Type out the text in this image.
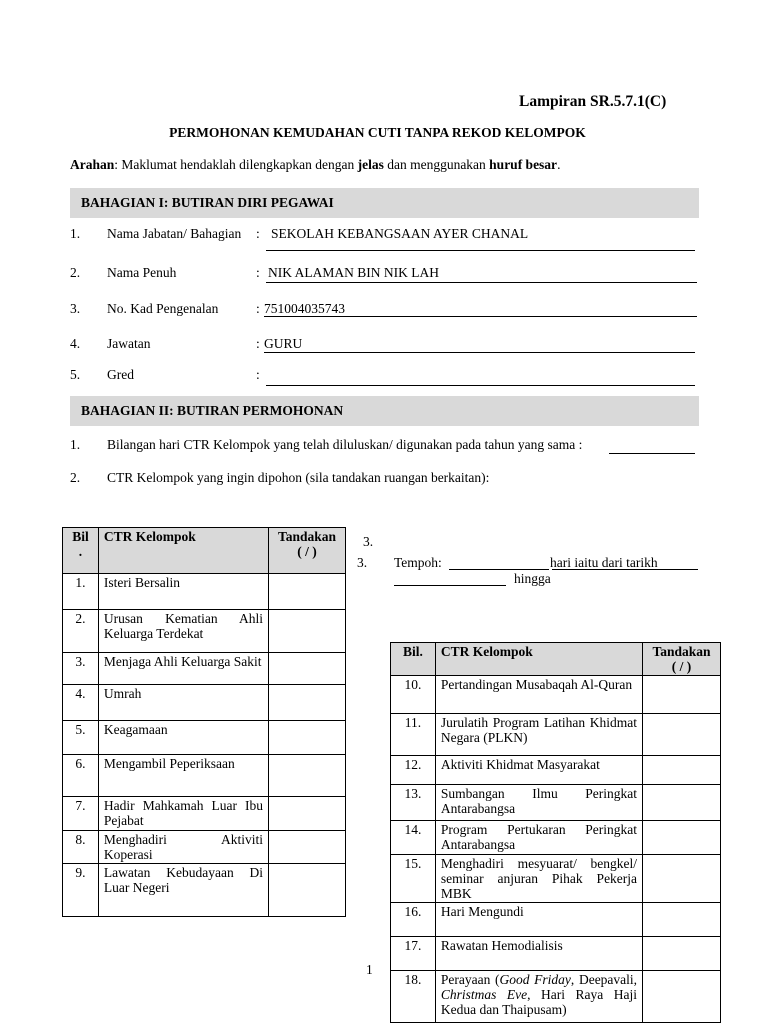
Lampiran SR.5.7.1(C)
PERMOHONAN KEMUDAHAN CUTI TANPA REKOD KELOMPOK
Arahan: Maklumat hendaklah dilengkapkan dengan jelas dan menggunakan huruf besar.
BAHAGIAN I: BUTIRAN DIRI PEGAWAI
1. Nama Jabatan/ Bahagian : SEKOLAH KEBANGSAAN AYER CHANAL
2. Nama Penuh	: NIK ALAMAN BIN NIK LAH
3. No. Kad Pengenalan	: 751004035743
4. Jawatan	: GURU
5. Gred	:
BAHAGIAN II: BUTIRAN PERMOHONAN
1. Bilangan hari CTR Kelompok yang telah diluluskan/ digunakan pada tahun yang sama :
2. CTR Kelompok yang ingin dipohon (sila tandakan ruangan berkaitan):
3.
3. Tempoh:	hari iaitu dari tarikh
hingga
Bil
.	CTR Kelompok	Tandakan
( / )
1.	Isteri Bersalin	
2.	Urusan Kematian Ahli Keluarga Terdekat	
3.	Menjaga Ahli Keluarga Sakit	
4.	Umrah	
5.	Keagamaan	
6.	Mengambil Peperiksaan	
7.	Hadir Mahkamah Luar Ibu Pejabat	
8.	Menghadiri Aktiviti Koperasi	
9.	Lawatan Kebudayaan Di Luar Negeri	
Bil.	CTR Kelompok	Tandakan
( / )
10.	Pertandingan Musabaqah Al-Quran	
11.	Jurulatih Program Latihan Khidmat Negara (PLKN)	
12.	Aktiviti Khidmat Masyarakat	
13.	Sumbangan Ilmu Peringkat Antarabangsa	
14.	Program Pertukaran Peringkat Antarabangsa	
15.	Menghadiri mesyuarat/ bengkel/ seminar anjuran Pihak Pekerja MBK	
16.	Hari Mengundi	
17.	Rawatan Hemodialisis	
18.	Perayaan (Good Friday, Deepavali, Christmas Eve, Hari Raya Haji Kedua dan Thaipusam)	
1
